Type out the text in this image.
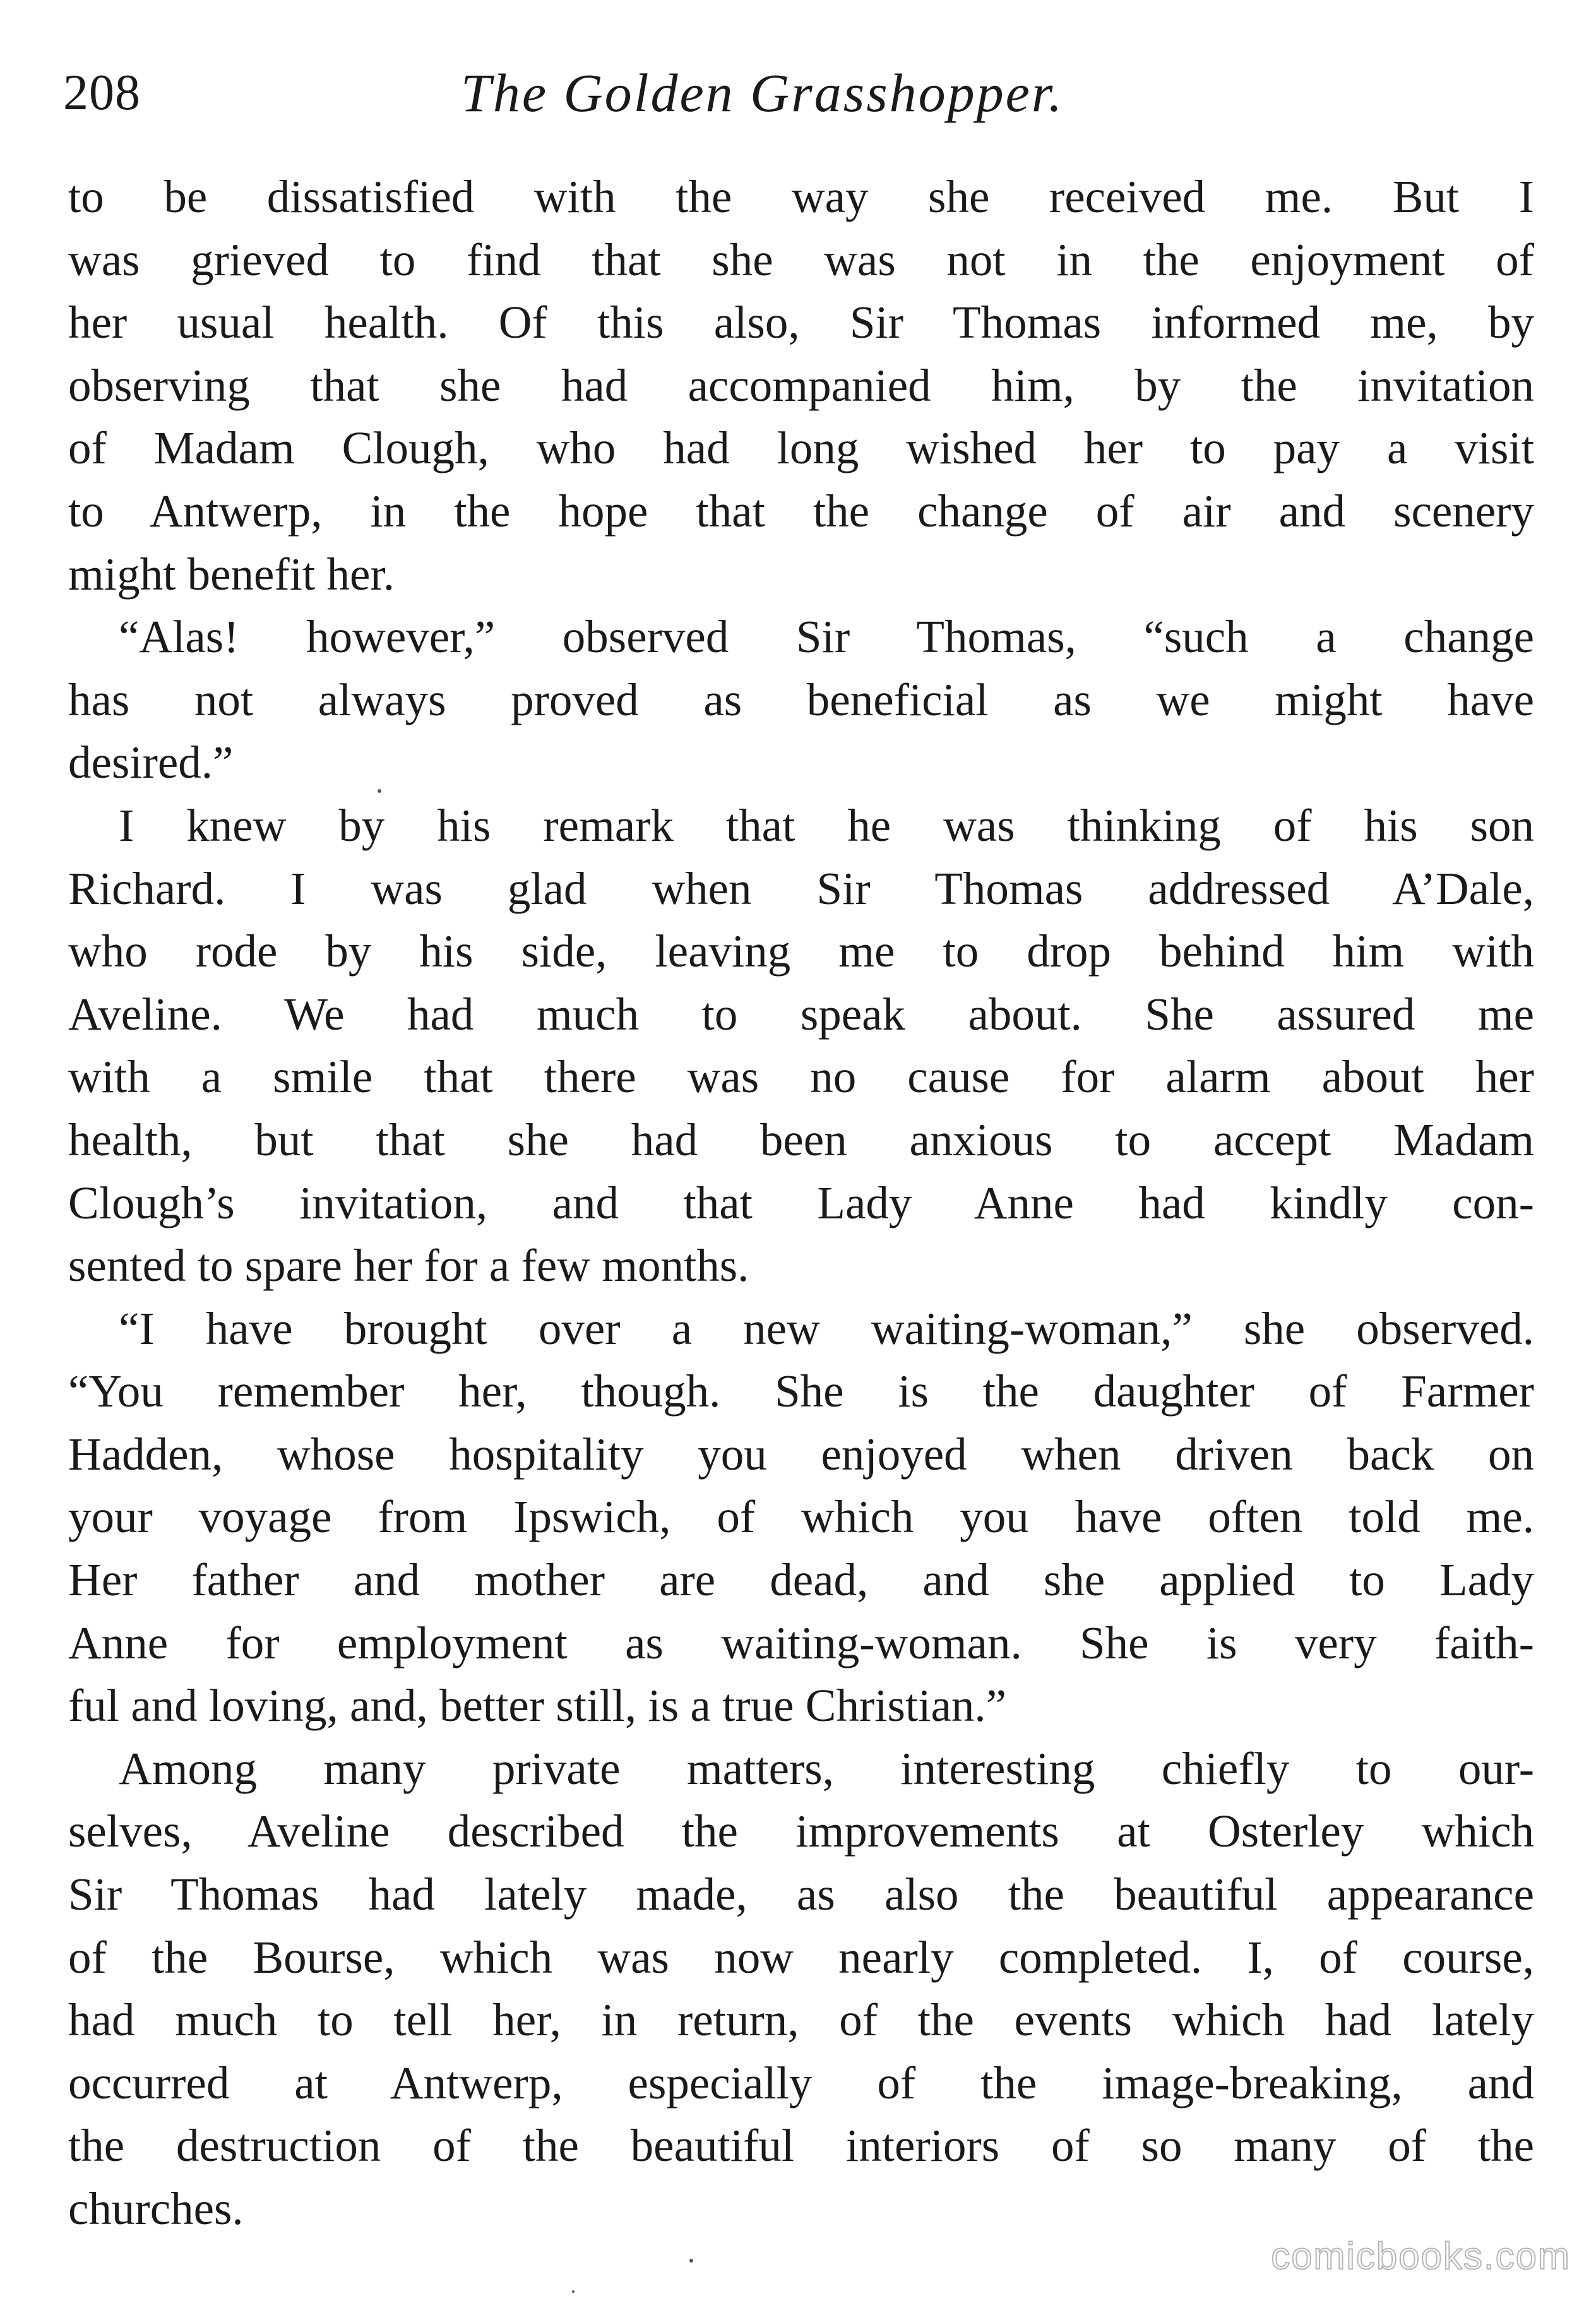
208	The Golden Grasshopper.
to be dissatisfied with the way she received me. But I
was grieved to find that she was not in the enjoyment of
her usual health. Of this also, Sir Thomas informed me, by
observing that she had accompanied him, by the invitation
of Madam Clough, who had long wished her to pay a visit
to Antwerp, in the hope that the change of air and scenery
might benefit her.
“Alas! however,” observed Sir Thomas, “such a change
has not always proved as beneficial as we might have
desired.”
I knew by his remark that he was thinking of his son
Richard. I was glad when Sir Thomas addressed A’Dale,
who rode by his side, leaving me to drop behind him with
Aveline. We had much to speak about. She assured me
with a smile that there was no cause for alarm about her
health, but that she had been anxious to accept Madam
Clough’s invitation, and that Lady Anne had kindly con-
sented to spare her for a few months.
“I have brought over a new waiting-woman,” she observed.
“You remember her, though. She is the daughter of Farmer
Hadden, whose hospitality you enjoyed when driven back on
your voyage from Ipswich, of which you have often told me.
Her father and mother are dead, and she applied to Lady
Anne for employment as waiting-woman. She is very faith-
ful and loving, and, better still, is a true Christian.”
Among many private matters, interesting chiefly to our-
selves, Aveline described the improvements at Osterley which
Sir Thomas had lately made, as also the beautiful appearance
of the Bourse, which was now nearly completed. I, of course,
had much to tell her, in return, of the events which had lately
occurred at Antwerp, especially of the image-breaking, and
the destruction of the beautiful interiors of so many of the
churches.
comicbooks.com
